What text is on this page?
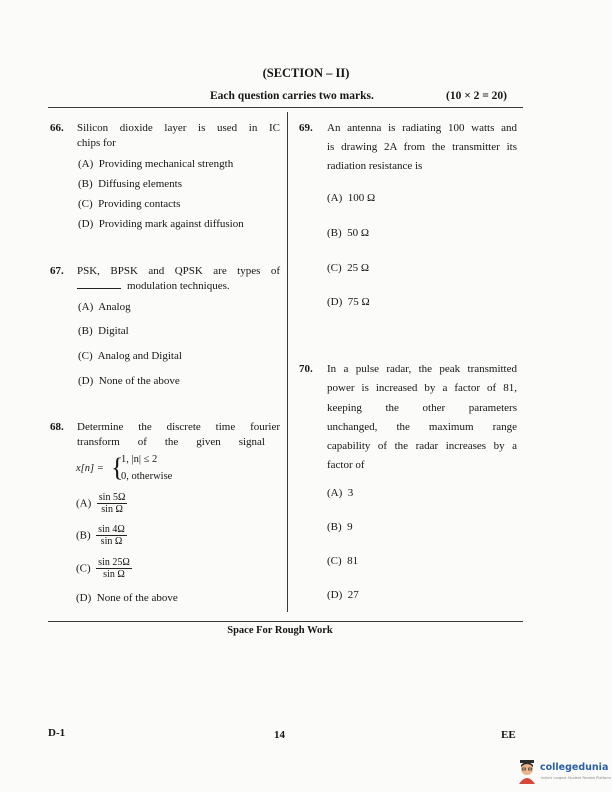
(SECTION – II)
Each question carries two marks.	(10 × 2 = 20)
66.	Silicon dioxide layer is used in IC
chips for
(A) Providing mechanical strength
(B) Diffusing elements
(C) Providing contacts
(D) Providing mark against diffusion
67.	PSK, BPSK and QPSK are types of
modulation techniques.
(A) Analog
(B) Digital
(C) Analog and Digital
(D) None of the above
68.	Determine the discrete time fourier
transform of the given signal
x[n] = {
1, |n| ≤ 2
0, otherwise
$(A) \frac{\sin 5\Omega}{\text{sin Ω}}$
$(B) \frac{\sin 4\Omega}{\text{sin Ω}}$
$(C) \frac{\sin 25\Omega}{\text{sin Ω}}$
(D) None of the above
69.	An antenna is radiating 100 watts and
is drawing 2A from the transmitter its
radiation resistance is
(A) 100 Ω
(B) 50 Ω
(C) 25 Ω
(D) 75 Ω
70.	In a pulse radar, the peak transmitted
power is increased by a factor of 81,
keeping the other parameters
unchanged, the maximum range
capability of the radar increases by a
factor of
(A) 3
(B) 9
(C) 81
(D) 27
Space For Rough Work
D-1	14	EE
collegedunia
India's Largest Student Review Platform
